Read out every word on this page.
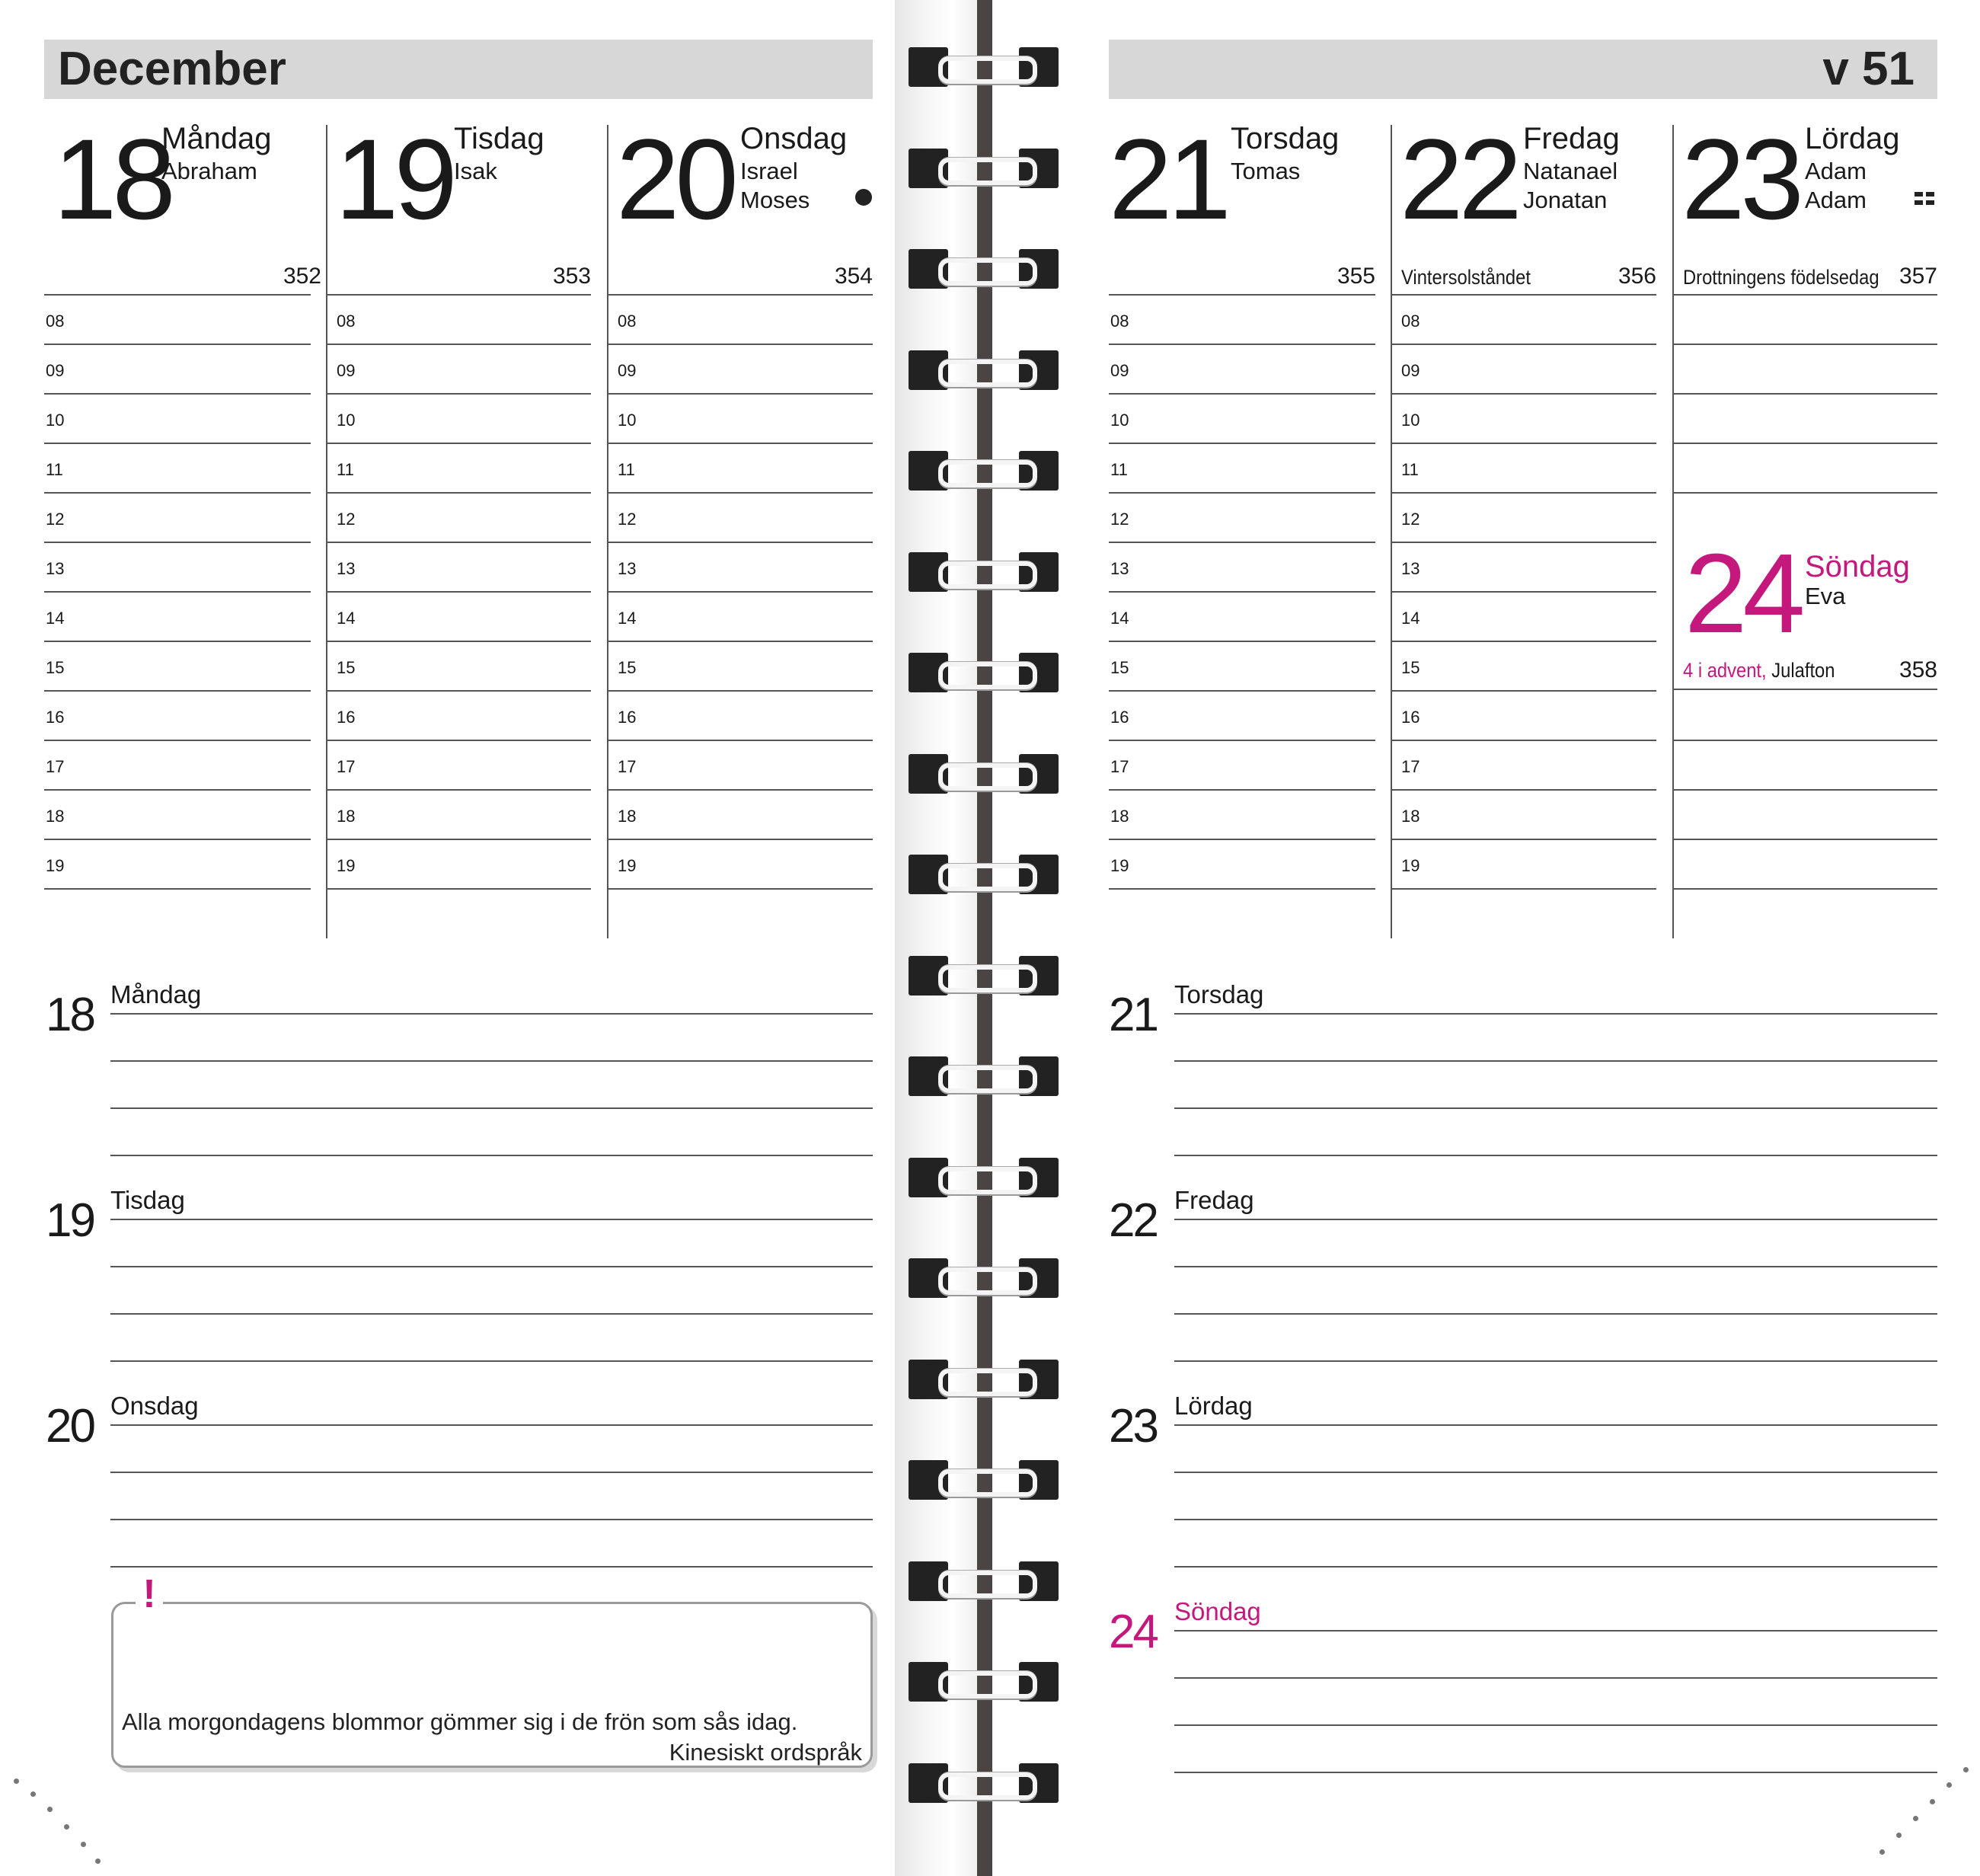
December	v 51
18
Måndag
Abraham
352
19 Tisdag
Isak
353
20 Onsdag
Israel
Moses
354
21 Torsdag
Tomas
355
22 Fredag
Natanael
Jonatan
Vintersolståndet	356
23 Lördag
Adam
Adam
Drottningens födelsedag 357
24 Söndag
Eva
4 i advent, Julafton	358
08
09
10
11
12
13
14
15
16
17
18
19
08
09
10
11
12
13
14
15
16
17
18
19
08
09
10
11
12
13
14
15
16
17
18
19
08
09
10
11
12
13
14
15
16
17
18
19
08
09
10
11
12
13
14
15
16
17
18
19
18 Måndag
19 Tisdag
20 Onsdag
21 Torsdag
22 Fredag
23 Lördag
24 Söndag
!
Alla morgondagens blommor gömmer sig i de frön som sås idag.
Kinesiskt ordspråk
